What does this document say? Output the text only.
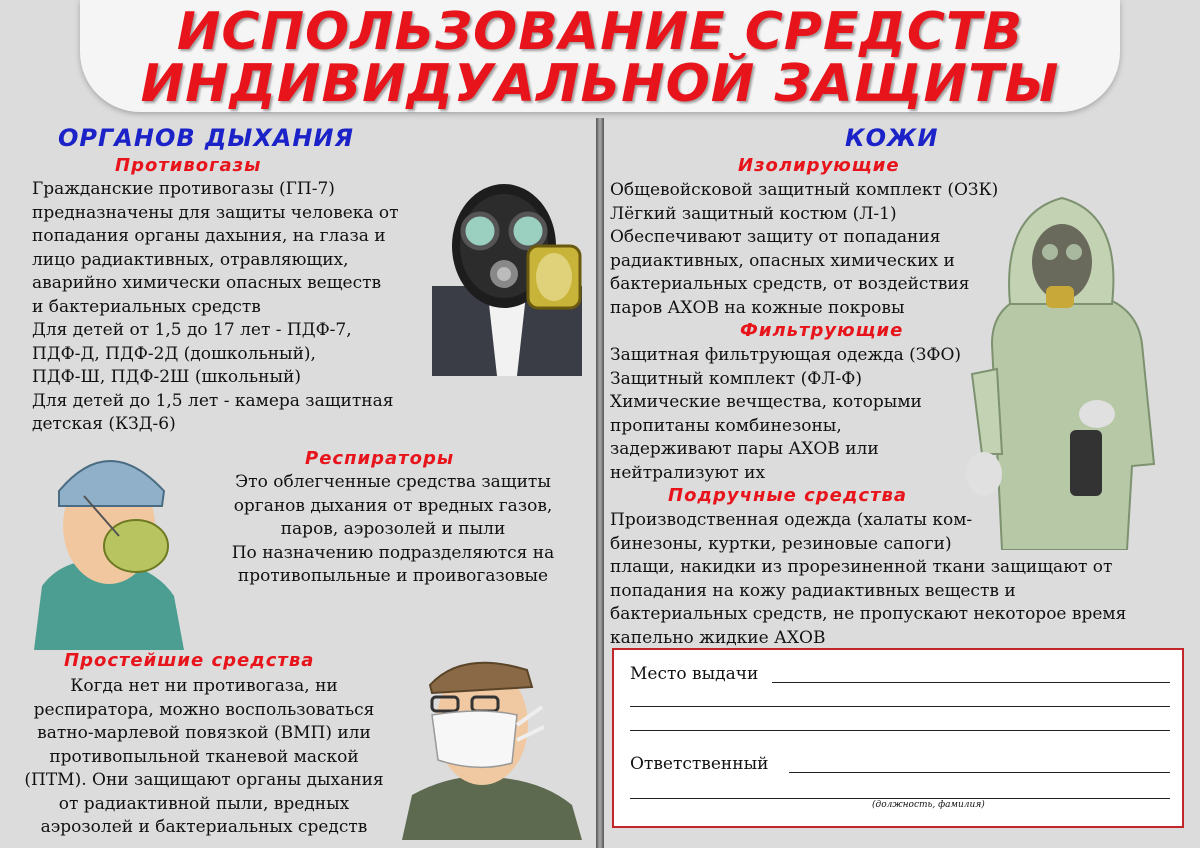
ИСПОЛЬЗОВАНИЕ СРЕДСТВ
ИНДИВИДУАЛЬНОЙ ЗАЩИТЫ
ОРГАНОВ ДЫХАНИЯ
Противогазы
Гражданские противогазы (ГП-7)
предназначены для защиты человека от
попадания органы дахыния, на глаза и
лицо радиактивных, отравляющих,
аварийно химически опасных веществ
и бактериальных средств
Для детей от 1,5 до 17 лет - ПДФ-7,
ПДФ-Д, ПДФ-2Д (дошкольный),
ПДФ-Ш, ПДФ-2Ш (школьный)
Для детей до 1,5 лет - камера защитная
детская (КЗД-6)
Респираторы
Это облегченные средства защиты
органов дыхания от вредных газов,
паров, аэрозолей и пыли
По назначению подразделяются на
противопыльные и проивогазовые
Простейшие средства
Когда нет ни противогаза, ни
респиратора, можно воспользоваться
ватно-марлевой повязкой (ВМП) или
противопыльной тканевой маской
(ПТМ). Они защищают органы дыхания
от радиактивной пыли, вредных
аэрозолей и бактериальных средств
КОЖИ
Изолирующие
Общевойсковой защитный комплект (ОЗК)
Лёгкий защитный костюм (Л-1)
Обеспечивают защиту от попадания
радиактивных, опасных химических и
бактериальных средств, от воздействия
паров АХОВ на кожные покровы
Фильтрующие
Защитная фильтрующая одежда (ЗФО)
Защитный комплект (ФЛ-Ф)
Химические вечщества, которыми
пропитаны комбинезоны,
задерживают пары АХОВ или
нейтрализуют их
Подручные средства
Производственная одежда (халаты ком-
бинезоны, куртки, резиновые сапоги)
плащи, накидки из прорезиненной ткани защищают от
попадания на кожу радиактивных веществ и
бактериальных средств, не пропускают некоторое время
капельно жидкие АХОВ
Место выдачи
Ответственный
(должность, фамилия)
